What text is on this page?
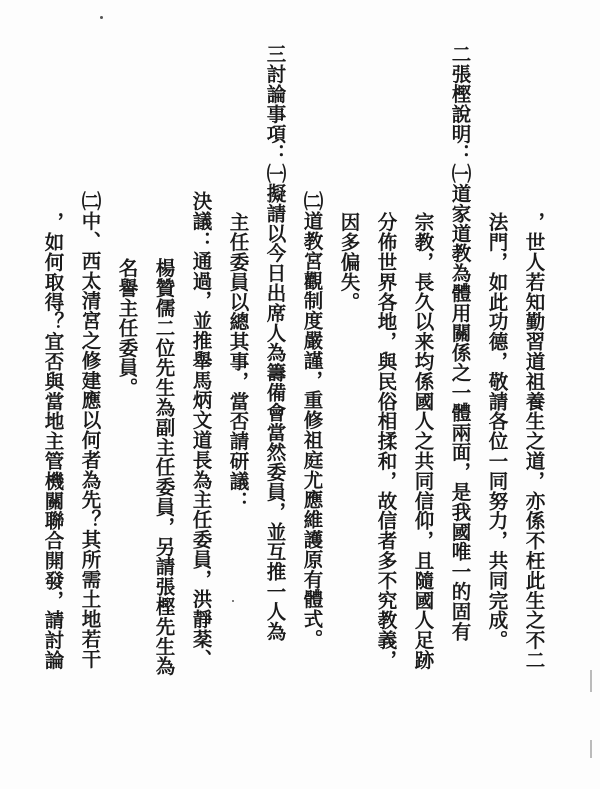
，世人若知勤習道祖養生之道，亦係不枉此生之不二
法門，如此功德，敬請各位一同努力，共同完成。
二張樫說明：㈠道家道教為體用關係之一體兩面，是我國唯一的固有
宗教，長久以来均係國人之共同信仰，且隨國人足跡
分佈世界各地，與民俗相揉和，故信者多不究教義，
因多偏失。
㈡道教宮觀制度嚴謹，重修祖庭尤應維護原有體式。
三討論事項：㈠擬請以今日出席人為籌備會當然委員，並互推一人為
主任委員以總其事，當否請研議：
決議：通過，並推舉馬炳文道長為主任委員，洪靜棻、
楊贊儒二位先生為副主任委員，另請張樫先生為
名譽主任委員。
㈡中、西太清宮之修建應以何者為先？其所需土地若干
，如何取得？宜否與當地主管機關聯合開發，請討論
